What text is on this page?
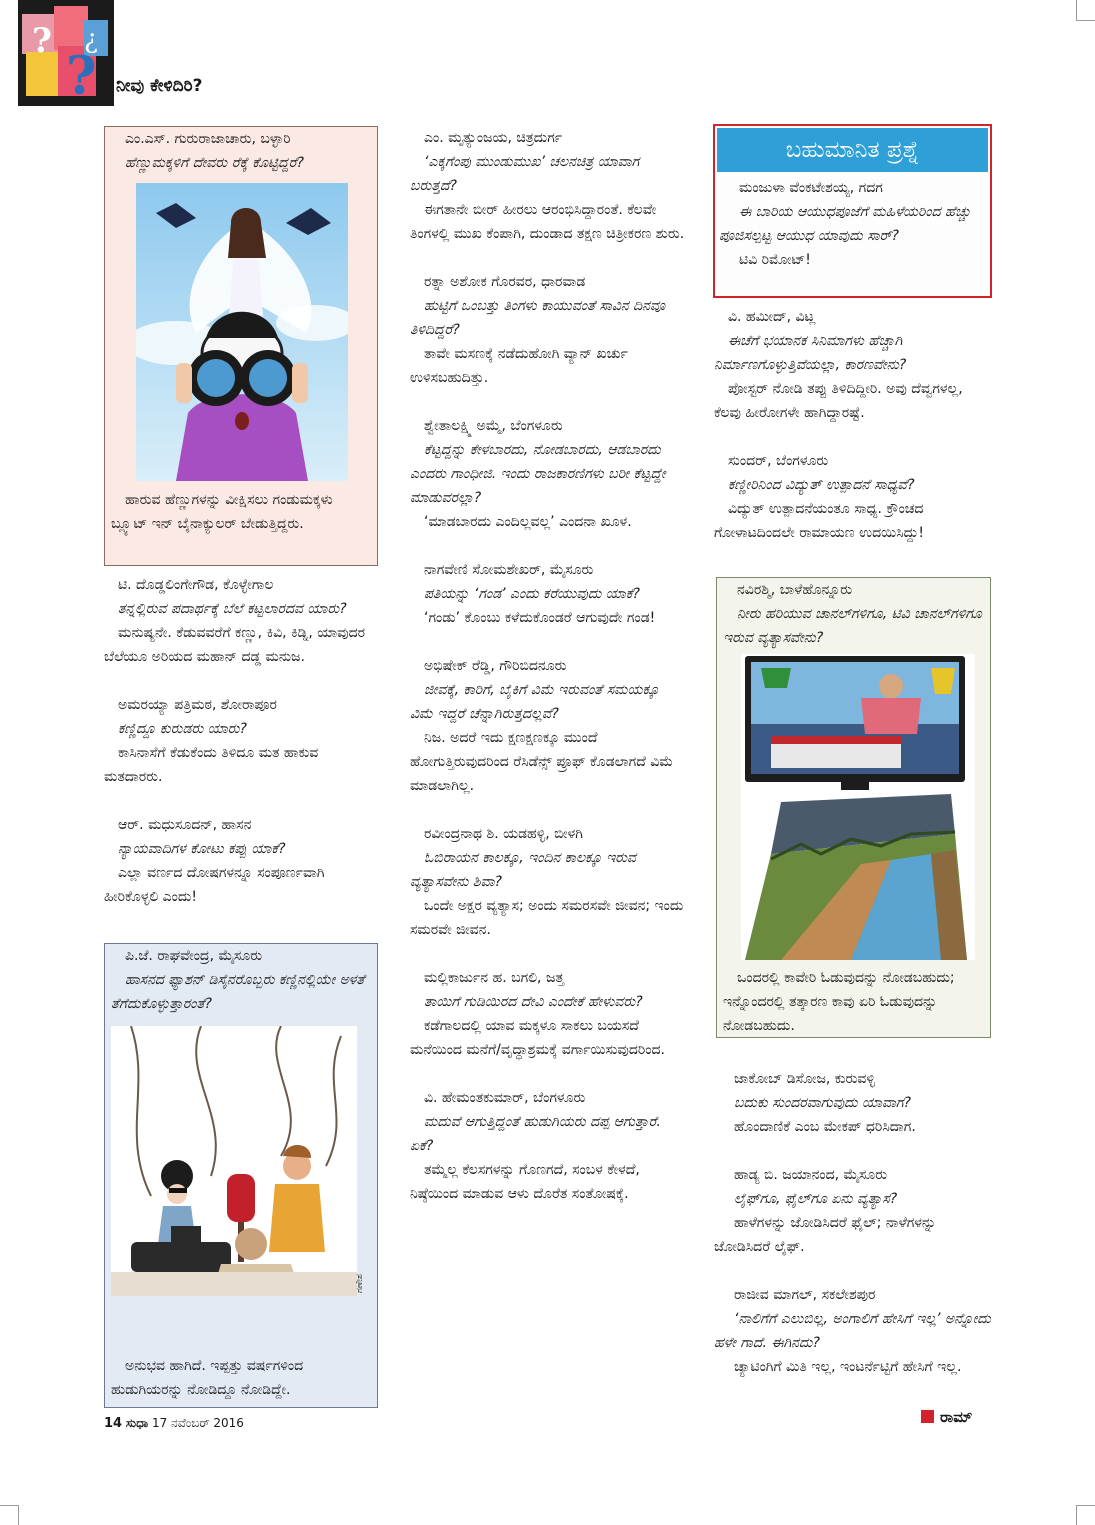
?
?
¿
ನೀವು ಕೇಳಿದಿರಿ?

ಎಂ.ಎಸ್. ಗುರುರಾಜಾಚಾರು, ಬಳ್ಳಾರಿ

ಹೆಣ್ಣುಮಕ್ಕಳಿಗೆ ದೇವರು ರೆಕ್ಕೆ ಕೊಟ್ಟಿದ್ದರೆ?

ಹಾರುವ ಹೆಣ್ಣುಗಳನ್ನು ವೀಕ್ಷಿಸಲು ಗಂಡುಮಕ್ಕಳು ಬ್ಲ್ಯೂಟ್ ಇನ್ ಬೈನಾಕ್ಯುಲರ್ ಬೇಡುತ್ತಿದ್ದರು.

ಟಿ. ದೊಡ್ಡಲಿಂಗೇಗೌಡ, ಕೊಳ್ಳೇಗಾಲ

ತನ್ನಲ್ಲಿರುವ ಪದಾರ್ಥಕ್ಕೆ ಬೆಲೆ ಕಟ್ಟಲಾರದವ ಯಾರು?

ಮನುಷ್ಯನೇ. ಕೆಡುವವರೆಗೆ ಕಣ್ಣು, ಕಿವಿ, ಕಿಡ್ನಿ, ಯಾವುದರ ಬೆಲೆಯೂ ಅರಿಯದ ಮಹಾನ್ ದಡ್ಡ ಮನುಜ.

ಅಮರಯ್ಯಾ ಪತ್ರಿಮಠ, ಶೋರಾಪೂರ

ಕಣ್ಣಿದ್ದೂ ಕುರುಡರು ಯಾರು?

ಕಾಸಿನಾಸೆಗೆ ಕೆಡುಕೆಂದು ತಿಳಿದೂ ಮತ ಹಾಕುವ ಮತದಾರರು.

ಆರ್. ಮಧುಸೂದನ್, ಹಾಸನ

ನ್ಯಾಯವಾದಿಗಳ ಕೋಟು ಕಪ್ಪು ಯಾಕೆ?

ಎಲ್ಲಾ ವರ್ಣದ ದೋಷಗಳನ್ನೂ ಸಂಪೂರ್ಣವಾಗಿ ಹೀರಿಕೊಳ್ಳಲಿ ಎಂದು!

ಪಿ.ಜೆ. ರಾಘವೇಂದ್ರ, ಮೈಸೂರು

ಹಾಸನದ ಫ್ಯಾಶನ್ ಡಿಸೈನರೊಬ್ಬರು ಕಣ್ಣಿನಲ್ಲಿಯೇ ಅಳತೆ ತೆಗೆದುಕೊಳ್ಳುತ್ತಾರಂತೆ?

ಗಣೇಶ

ಅನುಭವ ಹಾಗಿದೆ. ಇಪ್ಪತ್ತು ವರ್ಷಗಳಿಂದ ಹುಡುಗಿಯರನ್ನು ನೋಡಿದ್ದೂ ನೋಡಿದ್ದೇ.

ಎಂ. ಮೃತ್ಯುಂಜಯ, ಚಿತ್ರದುರ್ಗ

‘ಎಕ್ಕಗೆಂಪು ಮುಂಡುಮುಖ’ ಚಲನಚಿತ್ರ ಯಾವಾಗ ಬರುತ್ತದೆ?

ಈಗತಾನೇ ಬೀರ್ ಹೀರಲು ಆರಂಭಿಸಿದ್ದಾರಂತೆ. ಕೆಲವೇ ತಿಂಗಳಲ್ಲಿ ಮುಖ ಕೆಂಪಾಗಿ, ದುಂಡಾದ ತಕ್ಷಣ ಚಿತ್ರೀಕರಣ ಶುರು.

ರತ್ನಾ ಅಶೋಕ ಗೊರವರ, ಧಾರವಾಡ

ಹುಟ್ಟಿಗೆ ಒಂಬತ್ತು ತಿಂಗಳು ಕಾಯುವಂತೆ ಸಾವಿನ ದಿನವೂ ತಿಳಿದಿದ್ದರೆ?

ತಾವೇ ಮಸಣಕ್ಕೆ ನಡೆದುಹೋಗಿ ವ್ಯಾನ್ ಖರ್ಚು ಉಳಿಸಬಹುದಿತ್ತು.

ಶ್ವೇತಾಲಕ್ಷ್ಮಿ ಅಮ್ಮೆ, ಬೆಂಗಳೂರು

ಕೆಟ್ಟದ್ದನ್ನು ಕೇಳಬಾರದು, ನೋಡಬಾರದು, ಆಡಬಾರದು ಎಂದರು ಗಾಂಧೀಜಿ. ಇಂದು ರಾಜಕಾರಣಿಗಳು ಬರೀ ಕೆಟ್ಟದ್ದೇ ಮಾಡುವರಲ್ಲಾ?

‘ಮಾಡಬಾರದು ಎಂದಿಲ್ಲವಲ್ಲ’ ಎಂದನಾ ಖೂಳ.

ನಾಗವೇಣಿ ಸೋಮಶೇಖರ್, ಮೈಸೂರು

ಪತಿಯನ್ನು ‘ಗಂಡ’ ಎಂದು ಕರೆಯುವುದು ಯಾಕೆ?

‘ಗಂಡು’ ಕೊಂಬು ಕಳೆದುಕೊಂಡರೆ ಆಗುವುದೇ ಗಂಡ!

ಅಭಿಷೇಕ್ ರೆಡ್ಡಿ, ಗೌರಿಬಿದನೂರು

ಜೀವಕ್ಕೆ, ಕಾರಿಗೆ, ಬೈಕಿಗೆ ವಿಮೆ ಇರುವಂತೆ ಸಮಯಕ್ಕೂ ವಿಮೆ ಇದ್ದರೆ ಚೆನ್ನಾಗಿರುತ್ತದಲ್ಲವೆ?

ನಿಜ. ಅದರೆ ಇದು ಕ್ಷಣಕ್ಷಣಕ್ಕೂ ಮುಂದೆ ಹೋಗುತ್ತಿರುವುದರಿಂದ ರೆಸಿಡೆನ್ಸ್ ಪ್ರೂಫ್ ಕೊಡಲಾಗದೆ ವಿಮೆ ಮಾಡಲಾಗಿಲ್ಲ.

ರವೀಂದ್ರನಾಥ ಶಿ. ಯಡಹಳ್ಳಿ, ಬೀಳಗಿ

ಓಬಿರಾಯನ ಕಾಲಕ್ಕೂ, ಇಂದಿನ ಕಾಲಕ್ಕೂ ಇರುವ ವ್ಯತ್ಯಾಸವೇನು ಶಿವಾ?

ಒಂದೇ ಅಕ್ಷರ ವ್ಯತ್ಯಾಸ; ಅಂದು ಸಮರಸವೇ ಜೀವನ; ಇಂದು ಸಮರವೇ ಜೀವನ.

ಮಲ್ಲಿಕಾರ್ಜುನ ಹ. ಬಗಲಿ, ಜತ್ತ

ತಾಯಿಗೆ ಗುಡಿಯಿರದ ದೇವಿ ಎಂದೇಕೆ ಹೇಳುವರು?

ಕಡೆಗಾಲದಲ್ಲಿ ಯಾವ ಮಕ್ಕಳೂ ಸಾಕಲು ಬಯಸದೆ ಮನೆಯಿಂದ ಮನೆಗೆ/ವೃದ್ಧಾಶ್ರಮಕ್ಕೆ ವರ್ಗಾಯಿಸುವುದರಿಂದ.

ವಿ. ಹೇಮಂತಕುಮಾರ್, ಬೆಂಗಳೂರು

ಮದುವೆ ಆಗುತ್ತಿದ್ದಂತೆ ಹುಡುಗಿಯರು ದಪ್ಪ ಆಗುತ್ತಾರೆ. ಏಕೆ?

ತಮ್ಮೆಲ್ಲ ಕೆಲಸಗಳನ್ನು ಗೊಣಗದೆ, ಸಂಬಳ ಕೇಳದೆ, ನಿಷ್ಠೆಯಿಂದ ಮಾಡುವ ಆಳು ದೊರೆತ ಸಂತೋಷಕ್ಕೆ.

ಬಹುಮಾನಿತ ಪ್ರಶ್ನೆ

ಮಂಜುಳಾ ವೆಂಕಟೇಶಯ್ಯ, ಗದಗ

ಈ ಬಾರಿಯ ಆಯುಧಪೂಜೆಗೆ ಮಹಿಳೆಯರಿಂದ ಹೆಚ್ಚು ಪೂಜಿಸಲ್ಪಟ್ಟ ಆಯುಧ ಯಾವುದು ಸಾರ್?

ಟಿವಿ ರಿಮೋಟ್!

ವಿ. ಹಮೀದ್, ವಿಟ್ಲ

ಈಚೆಗೆ ಭಯಾನಕ ಸಿನಿಮಾಗಳು ಹೆಚ್ಚಾಗಿ ನಿರ್ಮಾಣಗೊಳ್ಳುತ್ತಿವೆಯಲ್ಲಾ, ಕಾರಣವೇನು?

ಪೋಸ್ಟರ್ ನೋಡಿ ತಪ್ಪು ತಿಳಿದಿದ್ದೀರಿ. ಅವು ದೆವ್ವಗಳಲ್ಲ, ಕೆಲವು ಹೀರೋಗಳೇ ಹಾಗಿದ್ದಾರಷ್ಟೆ.

ಸುಂದರ್, ಬೆಂಗಳೂರು

ಕಣ್ಣೀರಿನಿಂದ ವಿದ್ಯುತ್ ಉತ್ಪಾದನೆ ಸಾಧ್ಯವೆ?

ವಿದ್ಯುತ್ ಉತ್ಪಾದನೆಯಂತೂ ಸಾಧ್ಯ. ಕ್ರೌಂಚದ ಗೋಳಾಟದಿಂದಲೇ ರಾಮಾಯಣ ಉದಯಿಸಿದ್ದು!

ನವಿರಶ್ಮಿ, ಬಾಳೆಹೊನ್ನೂರು

ನೀರು ಹರಿಯುವ ಚಾನಲ್‌ಗಳಿಗೂ, ಟಿವಿ ಚಾನಲ್‌ಗಳಿಗೂ ಇರುವ ವ್ಯತ್ಯಾಸವೇನು?

ಒಂದರಲ್ಲಿ ಕಾವೇರಿ ಓಡುವುದನ್ನು ನೋಡಬಹುದು; ಇನ್ನೊಂದರಲ್ಲಿ ತತ್ಕಾರಣ ಕಾವು ಏರಿ ಓಡುವುದನ್ನು ನೋಡಬಹುದು.

ಜಾಕೋಬ್ ಡಿಸೋಜ, ಕುರುವಳ್ಳಿ

ಬದುಕು ಸುಂದರವಾಗುವುದು ಯಾವಾಗ?

ಹೊಂದಾಣಿಕೆ ಎಂಬ ಮೇಕಪ್ ಧರಿಸಿದಾಗ.

ಹಾಡ್ಯ ಬಿ. ಜಯಾನಂದ, ಮೈಸೂರು

ಲೈಫ್‌ಗೂ, ಫೈಲ್‌ಗೂ ಏನು ವ್ಯತ್ಯಾಸ?

ಹಾಳೆಗಳನ್ನು ಜೋಡಿಸಿದರೆ ಫೈಲ್; ನಾಳೆಗಳನ್ನು ಜೋಡಿಸಿದರೆ ಲೈಫ್.

ರಾಜೀವ ಮಾಗಲ್, ಸಕಲೇಶಪುರ

‘ನಾಲಿಗೆಗೆ ಎಲುಬಿಲ್ಲ, ಅಂಗಾಲಿಗೆ ಹೇಸಿಗೆ ಇಲ್ಲ’ ಅನ್ನೋದು ಹಳೇ ಗಾದೆ. ಈಗಿನದು?

ಚ್ಯಾಟಿಂಗಿಗೆ ಮಿತಿ ಇಲ್ಲ, ಇಂಟರ್ನೆಟ್ಟಿಗೆ ಹೇಸಿಗೆ ಇಲ್ಲ.

14 ಸುಧಾ 17 ನವೆಂಬರ್ 2016	ರಾಮ್
